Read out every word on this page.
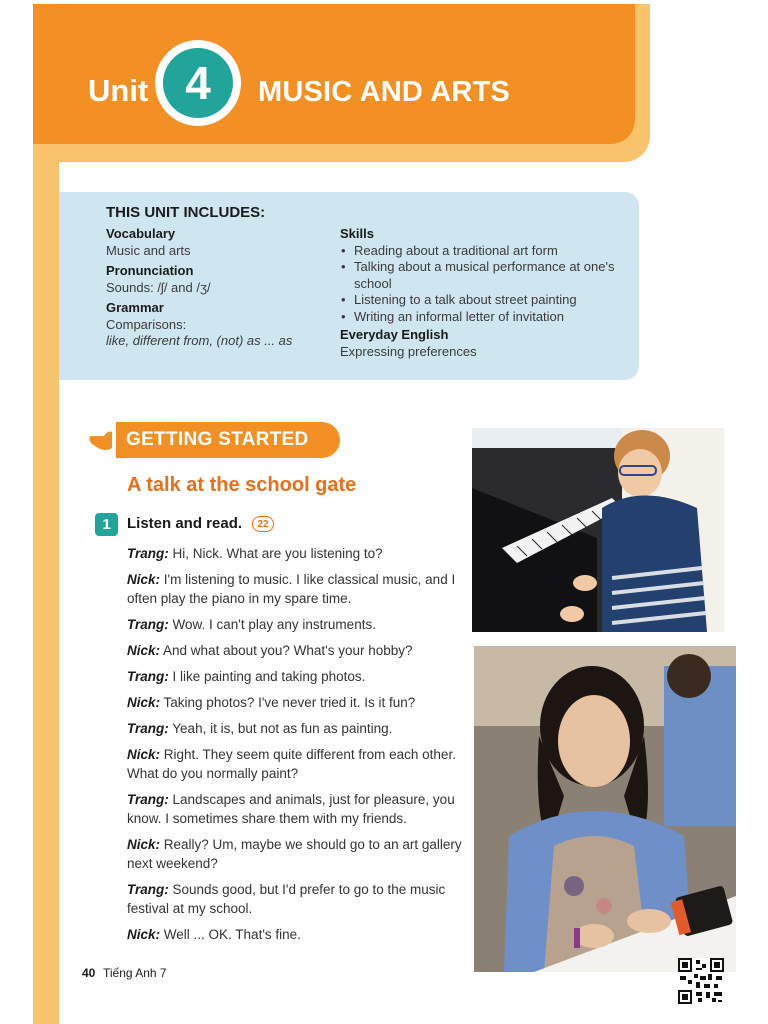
Unit 4	MUSIC AND ARTS
THIS UNIT INCLUDES:
Vocabulary
Music and arts
Pronunciation
Sounds: /ʃ/ and /ʒ/
Grammar
Comparisons:
like, different from, (not) as ... as
Skills
• Reading about a traditional art form
• Talking about a musical performance at one's school
• Listening to a talk about street painting
• Writing an informal letter of invitation
Everyday English
Expressing preferences
GETTING STARTED
A talk at the school gate
1	Listen and read.	22

Trang: Hi, Nick. What are you listening to?

Nick: I'm listening to music. I like classical music, and I often play the piano in my spare time.

Trang: Wow. I can't play any instruments.

Nick: And what about you? What's your hobby?

Trang: I like painting and taking photos.

Nick: Taking photos? I've never tried it. Is it fun?

Trang: Yeah, it is, but not as fun as painting.

Nick: Right. They seem quite different from each other. What do you normally paint?

Trang: Landscapes and animals, just for pleasure, you know. I sometimes share them with my friends.

Nick: Really? Um, maybe we should go to an art gallery next weekend?

Trang: Sounds good, but I'd prefer to go to the music festival at my school.

Nick: Well ... OK. That's fine.

40 Tiếng Anh 7
